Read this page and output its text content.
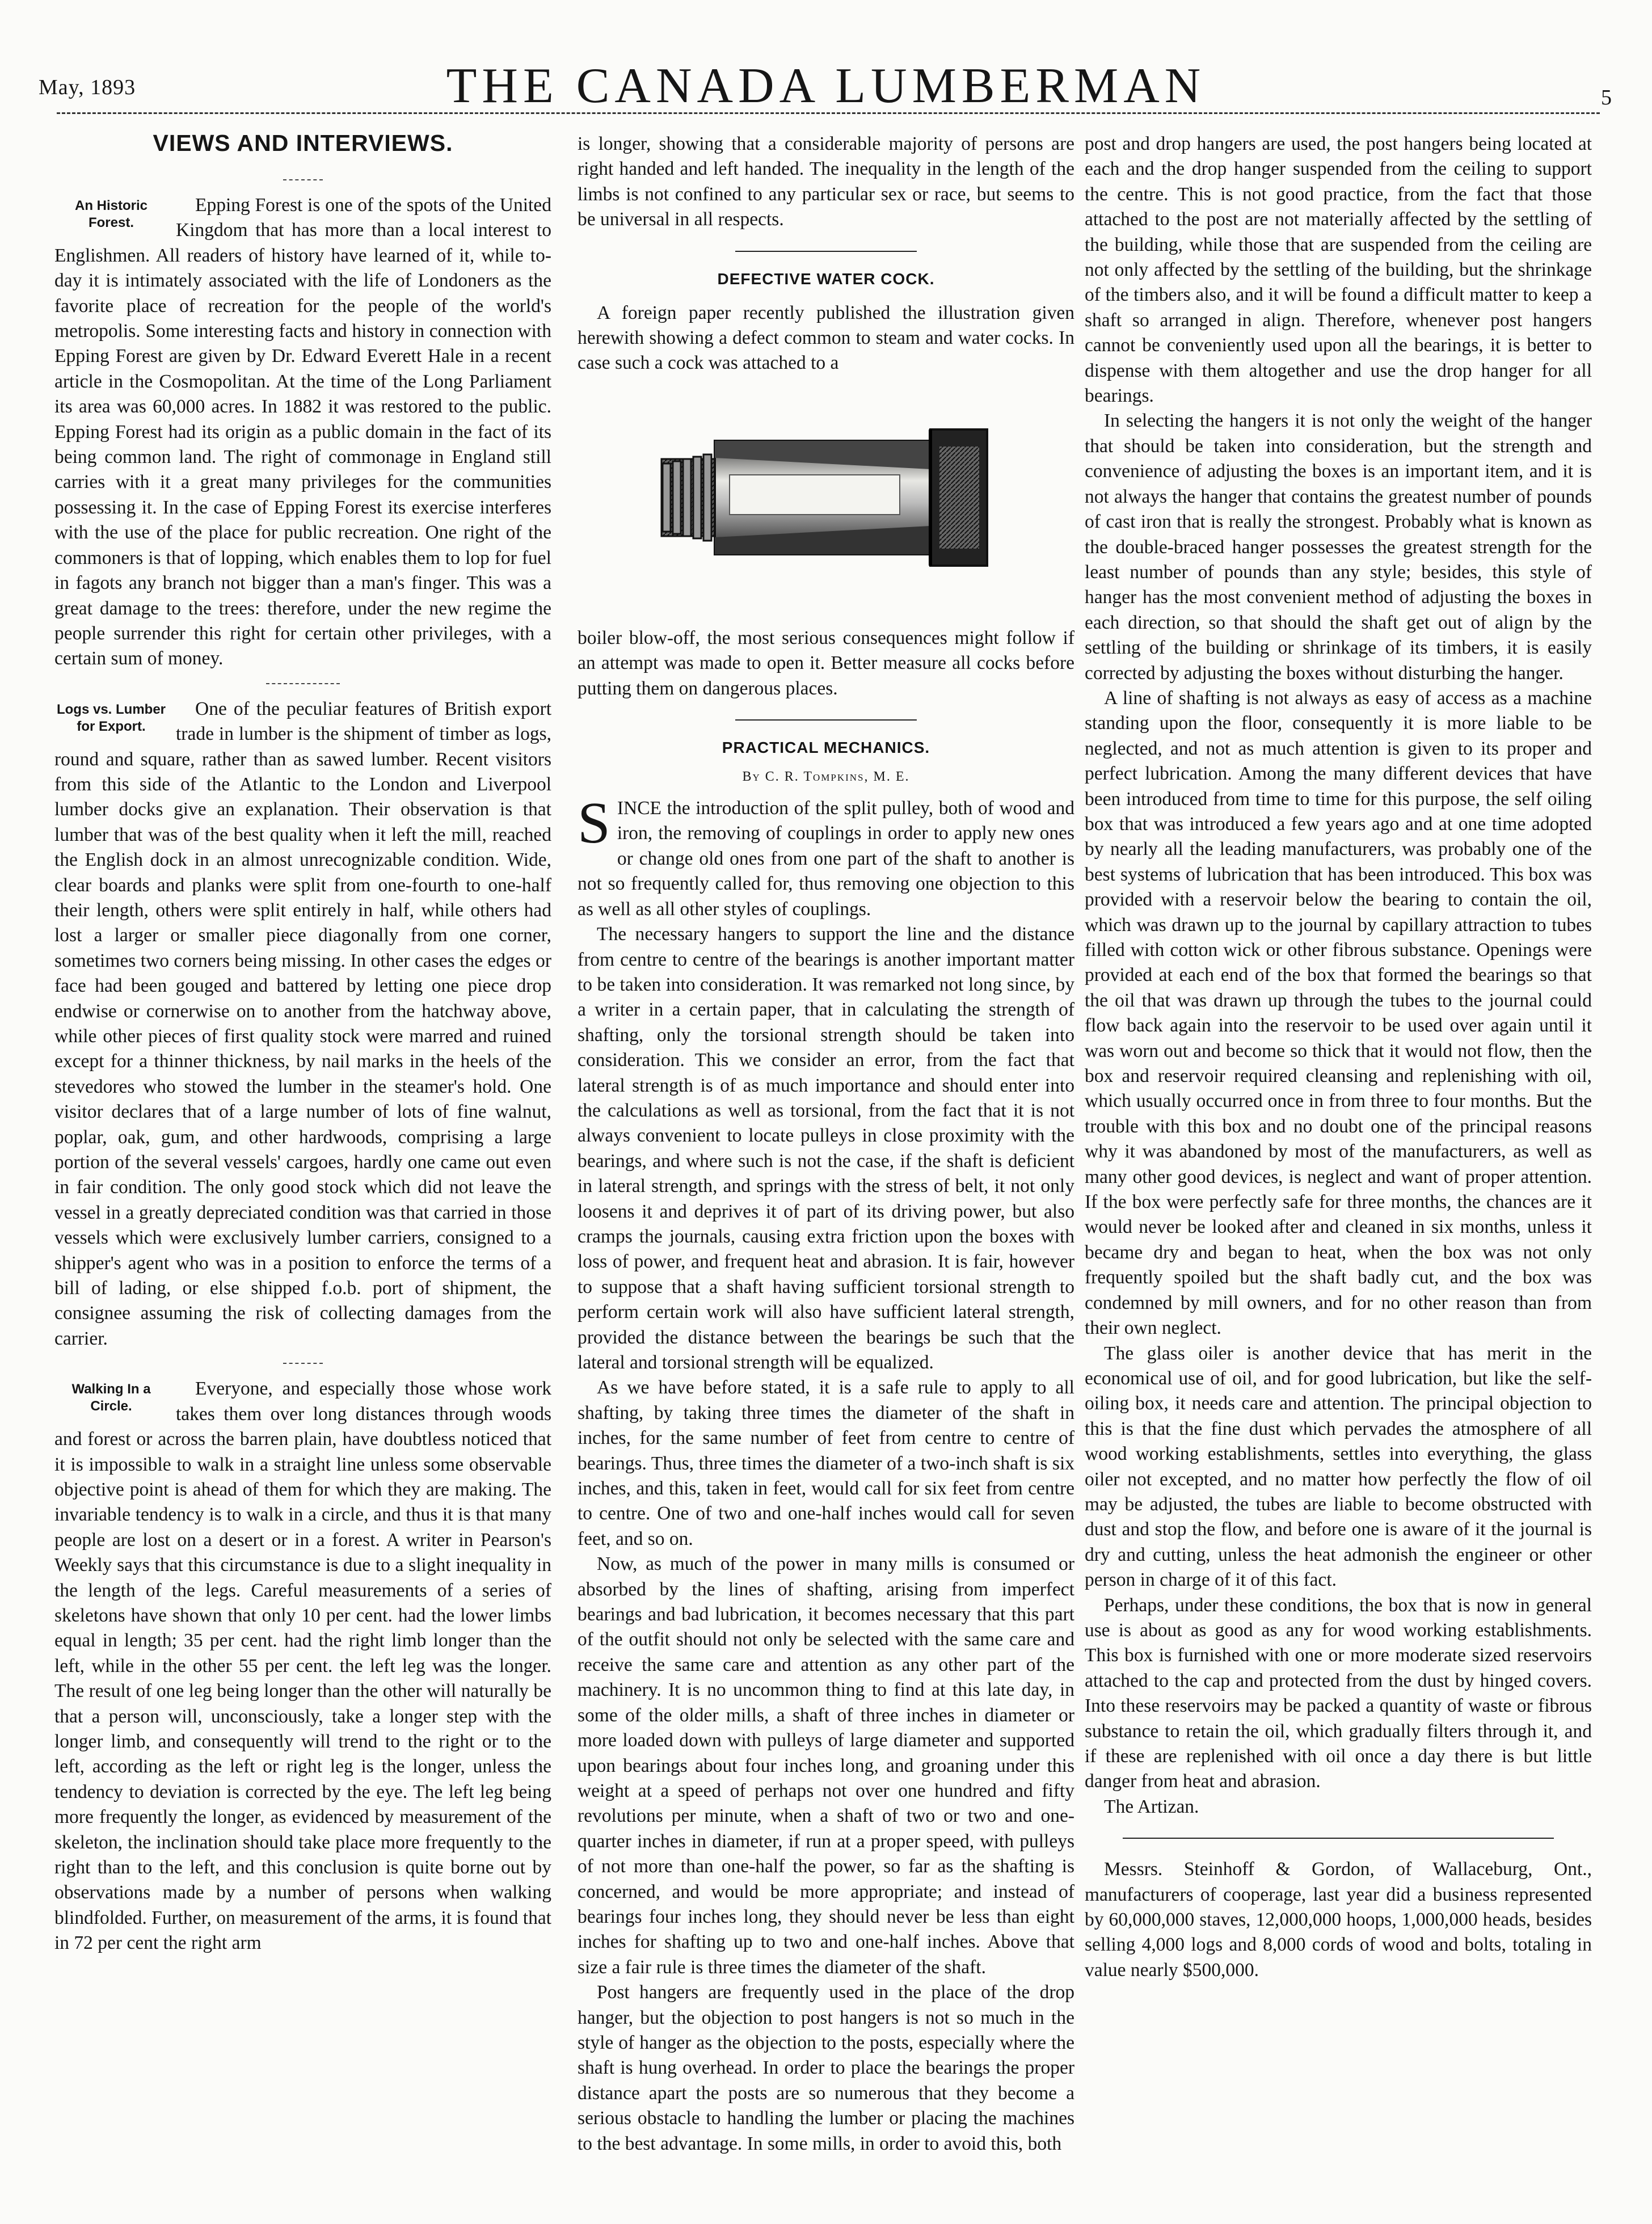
May, 1893	THE CANADA LUMBERMAN	5
VIEWS AND INTERVIEWS.
An Historic Forest.

Epping Forest is one of the spots of the United Kingdom that has more than a local interest to Englishmen. All readers of history have learned of it, while to-day it is intimately associated with the life of Londoners as the favorite place of recreation for the people of the world's metropolis. Some interesting facts and history in connection with Epping Forest are given by Dr. Edward Everett Hale in a recent article in the Cosmopolitan. At the time of the Long Parliament its area was 60,000 acres. In 1882 it was restored to the public. Epping Forest had its origin as a public domain in the fact of its being common land. The right of commonage in England still carries with it a great many privileges for the communities possessing it. In the case of Epping Forest its exercise interferes with the use of the place for public recreation. One right of the commoners is that of lopping, which enables them to lop for fuel in fagots any branch not bigger than a man's finger. This was a great damage to the trees: therefore, under the new regime the people surrender this right for certain other privileges, with a certain sum of money.

Logs vs. Lumber for Export.

One of the peculiar features of British export trade in lumber is the shipment of timber as logs, round and square, rather than as sawed lumber. Recent visitors from this side of the Atlantic to the London and Liverpool lumber docks give an explanation. Their observation is that lumber that was of the best quality when it left the mill, reached the English dock in an almost unrecognizable condition. Wide, clear boards and planks were split from one-fourth to one-half their length, others were split entirely in half, while others had lost a larger or smaller piece diagonally from one corner, sometimes two corners being missing. In other cases the edges or face had been gouged and battered by letting one piece drop endwise or cornerwise on to another from the hatchway above, while other pieces of first quality stock were marred and ruined except for a thinner thickness, by nail marks in the heels of the stevedores who stowed the lumber in the steamer's hold. One visitor declares that of a large number of lots of fine walnut, poplar, oak, gum, and other hardwoods, comprising a large portion of the several vessels' cargoes, hardly one came out even in fair condition. The only good stock which did not leave the vessel in a greatly depreciated condition was that carried in those vessels which were exclusively lumber carriers, consigned to a shipper's agent who was in a position to enforce the terms of a bill of lading, or else shipped f.o.b. port of shipment, the consignee assuming the risk of collecting damages from the carrier.

Walking In a Circle.

Everyone, and especially those whose work takes them over long distances through woods and forest or across the barren plain, have doubtless noticed that it is impossible to walk in a straight line unless some observable objective point is ahead of them for which they are making. The invariable tendency is to walk in a circle, and thus it is that many people are lost on a desert or in a forest. A writer in Pearson's Weekly says that this circumstance is due to a slight inequality in the length of the legs. Careful measurements of a series of skeletons have shown that only 10 per cent. had the lower limbs equal in length; 35 per cent. had the right limb longer than the left, while in the other 55 per cent. the left leg was the longer. The result of one leg being longer than the other will naturally be that a person will, unconsciously, take a longer step with the longer limb, and consequently will trend to the right or to the left, according as the left or right leg is the longer, unless the tendency to deviation is corrected by the eye. The left leg being more frequently the longer, as evidenced by measurement of the skeleton, the inclination should take place more frequently to the right than to the left, and this conclusion is quite borne out by observations made by a number of persons when walking blindfolded. Further, on measurement of the arms, it is found that in 72 per cent the right arm

is longer, showing that a considerable majority of persons are right handed and left handed. The inequality in the length of the limbs is not confined to any particular sex or race, but seems to be universal in all respects.

DEFECTIVE WATER COCK.

A foreign paper recently published the illustration given herewith showing a defect common to steam and water cocks. In case such a cock was attached to a

boiler blow-off, the most serious consequences might follow if an attempt was made to open it. Better measure all cocks before putting them on dangerous places.

PRACTICAL MECHANICS.
By C. R. Tompkins, M. E.

SINCE the introduction of the split pulley, both of wood and iron, the removing of couplings in order to apply new ones or change old ones from one part of the shaft to another is not so frequently called for, thus removing one objection to this as well as all other styles of couplings.

The necessary hangers to support the line and the distance from centre to centre of the bearings is another important matter to be taken into consideration. It was remarked not long since, by a writer in a certain paper, that in calculating the strength of shafting, only the torsional strength should be taken into consideration. This we consider an error, from the fact that lateral strength is of as much importance and should enter into the calculations as well as torsional, from the fact that it is not always convenient to locate pulleys in close proximity with the bearings, and where such is not the case, if the shaft is deficient in lateral strength, and springs with the stress of belt, it not only loosens it and deprives it of part of its driving power, but also cramps the journals, causing extra friction upon the boxes with loss of power, and frequent heat and abrasion. It is fair, however to suppose that a shaft having sufficient torsional strength to perform certain work will also have sufficient lateral strength, provided the distance between the bearings be such that the lateral and torsional strength will be equalized.

As we have before stated, it is a safe rule to apply to all shafting, by taking three times the diameter of the shaft in inches, for the same number of feet from centre to centre of bearings. Thus, three times the diameter of a two-inch shaft is six inches, and this, taken in feet, would call for six feet from centre to centre. One of two and one-half inches would call for seven feet, and so on.

Now, as much of the power in many mills is consumed or absorbed by the lines of shafting, arising from imperfect bearings and bad lubrication, it becomes necessary that this part of the outfit should not only be selected with the same care and receive the same care and attention as any other part of the machinery. It is no uncommon thing to find at this late day, in some of the older mills, a shaft of three inches in diameter or more loaded down with pulleys of large diameter and supported upon bearings about four inches long, and groaning under this weight at a speed of perhaps not over one hundred and fifty revolutions per minute, when a shaft of two or two and one-quarter inches in diameter, if run at a proper speed, with pulleys of not more than one-half the power, so far as the shafting is concerned, and would be more appropriate; and instead of bearings four inches long, they should never be less than eight inches for shafting up to two and one-half inches. Above that size a fair rule is three times the diameter of the shaft.

Post hangers are frequently used in the place of the drop hanger, but the objection to post hangers is not so much in the style of hanger as the objection to the posts, especially where the shaft is hung overhead. In order to place the bearings the proper distance apart the posts are so numerous that they become a serious obstacle to handling the lumber or placing the machines to the best advantage. In some mills, in order to avoid this, both

post and drop hangers are used, the post hangers being located at each and the drop hanger suspended from the ceiling to support the centre. This is not good practice, from the fact that those attached to the post are not materially affected by the settling of the building, while those that are suspended from the ceiling are not only affected by the settling of the building, but the shrinkage of the timbers also, and it will be found a difficult matter to keep a shaft so arranged in align. Therefore, whenever post hangers cannot be conveniently used upon all the bearings, it is better to dispense with them altogether and use the drop hanger for all bearings.

In selecting the hangers it is not only the weight of the hanger that should be taken into consideration, but the strength and convenience of adjusting the boxes is an important item, and it is not always the hanger that contains the greatest number of pounds of cast iron that is really the strongest. Probably what is known as the double-braced hanger possesses the greatest strength for the least number of pounds than any style; besides, this style of hanger has the most convenient method of adjusting the boxes in each direction, so that should the shaft get out of align by the settling of the building or shrinkage of its timbers, it is easily corrected by adjusting the boxes without disturbing the hanger.

A line of shafting is not always as easy of access as a machine standing upon the floor, consequently it is more liable to be neglected, and not as much attention is given to its proper and perfect lubrication. Among the many different devices that have been introduced from time to time for this purpose, the self oiling box that was introduced a few years ago and at one time adopted by nearly all the leading manufacturers, was probably one of the best systems of lubrication that has been introduced. This box was provided with a reservoir below the bearing to contain the oil, which was drawn up to the journal by capillary attraction to tubes filled with cotton wick or other fibrous substance. Openings were provided at each end of the box that formed the bearings so that the oil that was drawn up through the tubes to the journal could flow back again into the reservoir to be used over again until it was worn out and become so thick that it would not flow, then the box and reservoir required cleansing and replenishing with oil, which usually occurred once in from three to four months. But the trouble with this box and no doubt one of the principal reasons why it was abandoned by most of the manufacturers, as well as many other good devices, is neglect and want of proper attention. If the box were perfectly safe for three months, the chances are it would never be looked after and cleaned in six months, unless it became dry and began to heat, when the box was not only frequently spoiled but the shaft badly cut, and the box was condemned by mill owners, and for no other reason than from their own neglect.

The glass oiler is another device that has merit in the economical use of oil, and for good lubrication, but like the self-oiling box, it needs care and attention. The principal objection to this is that the fine dust which pervades the atmosphere of all wood working establishments, settles into everything, the glass oiler not excepted, and no matter how perfectly the flow of oil may be adjusted, the tubes are liable to become obstructed with dust and stop the flow, and before one is aware of it the journal is dry and cutting, unless the heat admonish the engineer or other person in charge of it of this fact.

Perhaps, under these conditions, the box that is now in general use is about as good as any for wood working establishments. This box is furnished with one or more moderate sized reservoirs attached to the cap and protected from the dust by hinged covers. Into these reservoirs may be packed a quantity of waste or fibrous substance to retain the oil, which gradually filters through it, and if these are replenished with oil once a day there is but little danger from heat and abrasion.

The Artizan.

Messrs. Steinhoff & Gordon, of Wallaceburg, Ont., manufacturers of cooperage, last year did a business represented by 60,000,000 staves, 12,000,000 hoops, 1,000,000 heads, besides selling 4,000 logs and 8,000 cords of wood and bolts, totaling in value nearly $500,000.
